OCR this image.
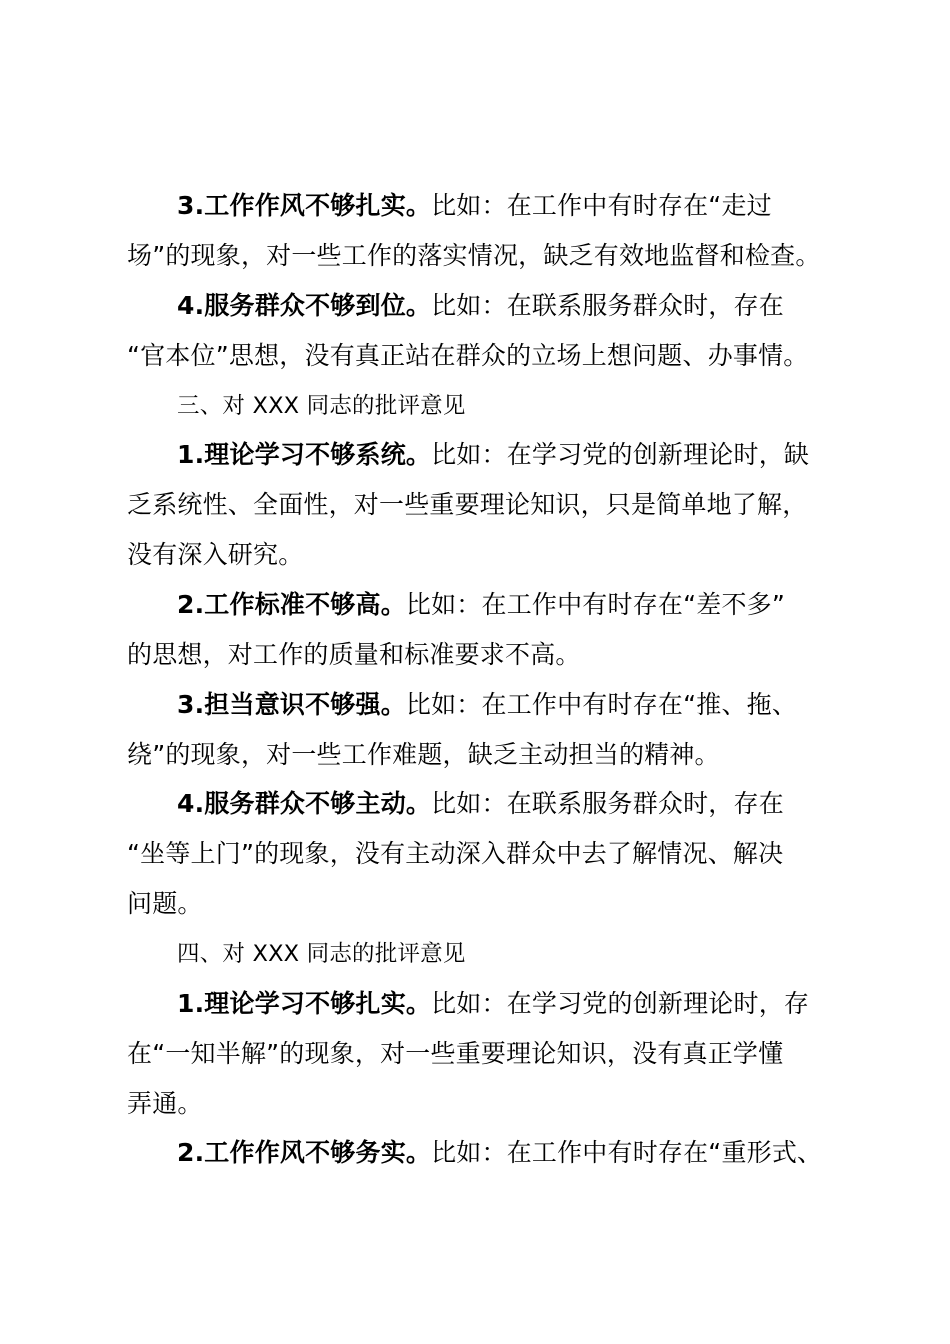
3.工作作风不够扎实。比如：在工作中有时存在“走过
场”的现象，对一些工作的落实情况，缺乏有效地监督和检查。
4.服务群众不够到位。比如：在联系服务群众时，存在
“官本位”思想，没有真正站在群众的立场上想问题、办事情。
三、对 XXX 同志的批评意见
1.理论学习不够系统。比如：在学习党的创新理论时，缺
乏系统性、全面性，对一些重要理论知识，只是简单地了解，
没有深入研究。
2.工作标准不够高。比如：在工作中有时存在“差不多”
的思想，对工作的质量和标准要求不高。
3.担当意识不够强。比如：在工作中有时存在“推、拖、
绕”的现象，对一些工作难题，缺乏主动担当的精神。
4.服务群众不够主动。比如：在联系服务群众时，存在
“坐等上门”的现象，没有主动深入群众中去了解情况、解决
问题。
四、对 XXX 同志的批评意见
1.理论学习不够扎实。比如：在学习党的创新理论时，存
在“一知半解”的现象，对一些重要理论知识，没有真正学懂
弄通。
2.工作作风不够务实。比如：在工作中有时存在“重形式、
